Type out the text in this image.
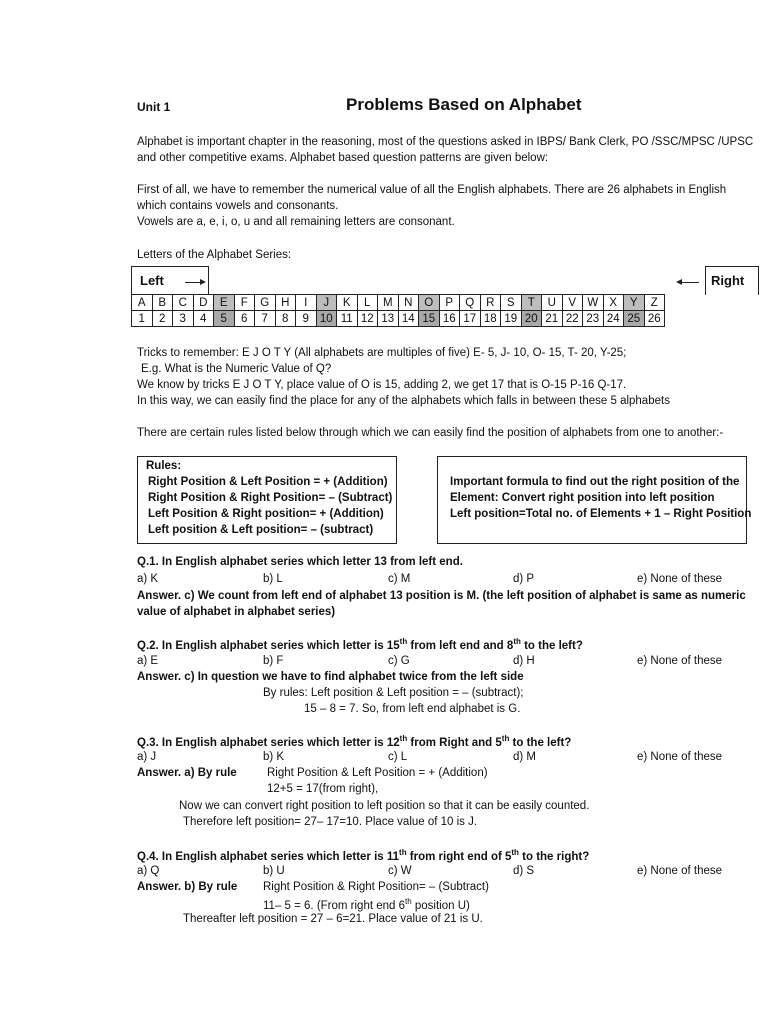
Unit 1	Problems Based on Alphabet
Alphabet is important chapter in the reasoning, most of the questions asked in IBPS/ Bank Clerk, PO /SSC/MPSC /UPSC
and other competitive exams. Alphabet based question patterns are given below:
First of all, we have to remember the numerical value of all the English alphabets. There are 26 alphabets in English
which contains vowels and consonants.
Vowels are a, e, i, o, u and all remaining letters are consonant.
Letters of the Alphabet Series:
Left	Right
A	B	C	D	E	F	G	H	I	J	K	L	M	N	O	P	Q	R	S	T	U	V	W	X	Y	Z
1	2	3	4	5	6	7	8	9	10	11	12	13	14	15	16	17	18	19	20	21	22	23	24	25	26
Tricks to remember: E J O T Y (All alphabets are multiples of five) E- 5, J- 10, O- 15, T- 20, Y-25;
E.g. What is the Numeric Value of Q?
We know by tricks E J O T Y, place value of O is 15, adding 2, we get 17 that is O-15 P-16 Q-17.
In this way, we can easily find the place for any of the alphabets which falls in between these 5 alphabets
There are certain rules listed below through which we can easily find the position of alphabets from one to another:-
Rules:
Right Position & Left Position = + (Addition)
Right Position & Right Position= – (Subtract)
Left Position & Right position= + (Addition)
Left position & Left position= – (subtract)
Important formula to find out the right position of the
Element: Convert right position into left position
Left position=Total no. of Elements + 1 – Right Position
Q.1. In English alphabet series which letter 13 from left end.
a) K	b) L	c) M	d) P	e) None of these
Answer. c) We count from left end of alphabet 13 position is M. (the left position of alphabet is same as numeric
value of alphabet in alphabet series)
Q.2. In English alphabet series which letter is 15th from left end and 8th to the left?
a) E	b) F	c) G	d) H	e) None of these
Answer. c) In question we have to find alphabet twice from the left side
By rules: Left position & Left position = – (subtract);
15 – 8 = 7. So, from left end alphabet is G.
Q.3. In English alphabet series which letter is 12th from Right and 5th to the left?
a) J	b) K	c) L	d) M	e) None of these
Answer. a) By rule	Right Position & Left Position = + (Addition)
12+5 = 17(from right),
Now we can convert right position to left position so that it can be easily counted.
Therefore left position= 27– 17=10. Place value of 10 is J.
Q.4. In English alphabet series which letter is 11th from right end of 5th to the right?
a) Q	b) U	c) W	d) S	e) None of these
Answer. b) By rule Right Position & Right Position= – (Subtract)
11– 5 = 6. (From right end 6th position U)
Thereafter left position = 27 – 6=21. Place value of 21 is U.
